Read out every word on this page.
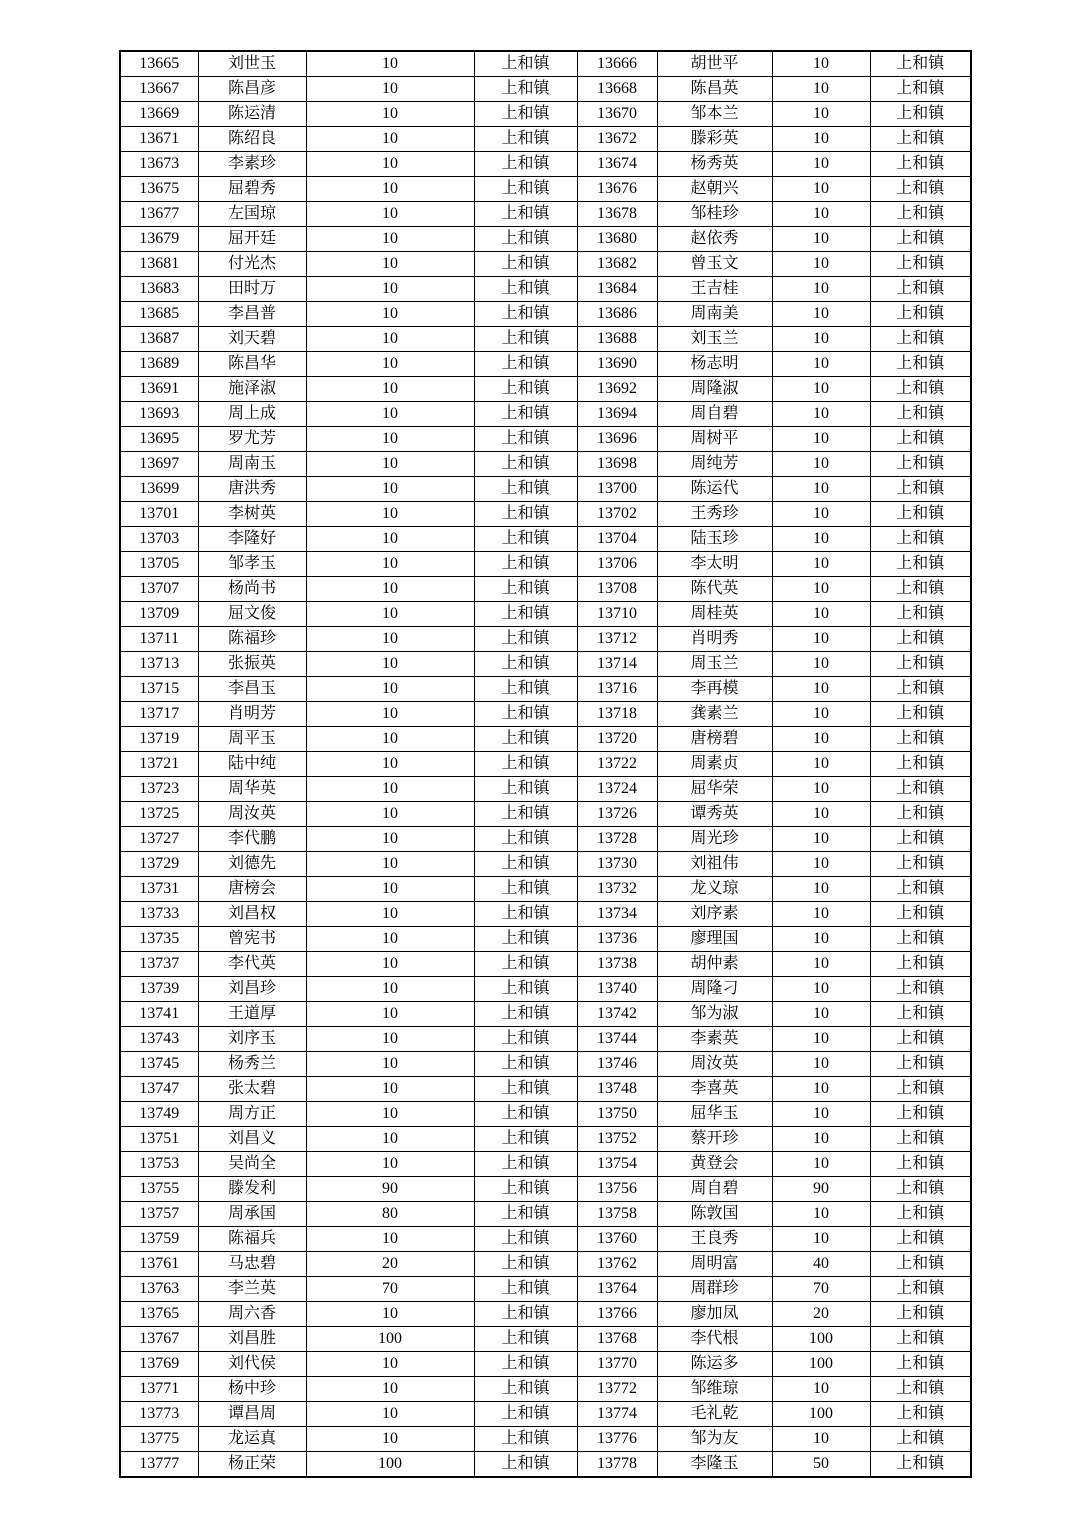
13665	刘世玉	10	上和镇	13666	胡世平	10	上和镇
13667	陈昌彦	10	上和镇	13668	陈昌英	10	上和镇
13669	陈运清	10	上和镇	13670	邹本兰	10	上和镇
13671	陈绍良	10	上和镇	13672	滕彩英	10	上和镇
13673	李素珍	10	上和镇	13674	杨秀英	10	上和镇
13675	屈碧秀	10	上和镇	13676	赵朝兴	10	上和镇
13677	左国琼	10	上和镇	13678	邹桂珍	10	上和镇
13679	屈开廷	10	上和镇	13680	赵依秀	10	上和镇
13681	付光杰	10	上和镇	13682	曾玉文	10	上和镇
13683	田时万	10	上和镇	13684	王吉桂	10	上和镇
13685	李昌普	10	上和镇	13686	周南美	10	上和镇
13687	刘天碧	10	上和镇	13688	刘玉兰	10	上和镇
13689	陈昌华	10	上和镇	13690	杨志明	10	上和镇
13691	施泽淑	10	上和镇	13692	周隆淑	10	上和镇
13693	周上成	10	上和镇	13694	周自碧	10	上和镇
13695	罗尤芳	10	上和镇	13696	周树平	10	上和镇
13697	周南玉	10	上和镇	13698	周纯芳	10	上和镇
13699	唐洪秀	10	上和镇	13700	陈运代	10	上和镇
13701	李树英	10	上和镇	13702	王秀珍	10	上和镇
13703	李隆好	10	上和镇	13704	陆玉珍	10	上和镇
13705	邹孝玉	10	上和镇	13706	李太明	10	上和镇
13707	杨尚书	10	上和镇	13708	陈代英	10	上和镇
13709	屈文俊	10	上和镇	13710	周桂英	10	上和镇
13711	陈福珍	10	上和镇	13712	肖明秀	10	上和镇
13713	张振英	10	上和镇	13714	周玉兰	10	上和镇
13715	李昌玉	10	上和镇	13716	李再模	10	上和镇
13717	肖明芳	10	上和镇	13718	龚素兰	10	上和镇
13719	周平玉	10	上和镇	13720	唐榜碧	10	上和镇
13721	陆中纯	10	上和镇	13722	周素贞	10	上和镇
13723	周华英	10	上和镇	13724	屈华荣	10	上和镇
13725	周汝英	10	上和镇	13726	谭秀英	10	上和镇
13727	李代鹏	10	上和镇	13728	周光珍	10	上和镇
13729	刘德先	10	上和镇	13730	刘祖伟	10	上和镇
13731	唐榜会	10	上和镇	13732	龙义琼	10	上和镇
13733	刘昌权	10	上和镇	13734	刘序素	10	上和镇
13735	曾宪书	10	上和镇	13736	廖理国	10	上和镇
13737	李代英	10	上和镇	13738	胡仲素	10	上和镇
13739	刘昌珍	10	上和镇	13740	周隆刁	10	上和镇
13741	王道厚	10	上和镇	13742	邹为淑	10	上和镇
13743	刘序玉	10	上和镇	13744	李素英	10	上和镇
13745	杨秀兰	10	上和镇	13746	周汝英	10	上和镇
13747	张太碧	10	上和镇	13748	李喜英	10	上和镇
13749	周方正	10	上和镇	13750	屈华玉	10	上和镇
13751	刘昌义	10	上和镇	13752	蔡开珍	10	上和镇
13753	吴尚全	10	上和镇	13754	黄登会	10	上和镇
13755	滕发利	90	上和镇	13756	周自碧	90	上和镇
13757	周承国	80	上和镇	13758	陈敦国	10	上和镇
13759	陈福兵	10	上和镇	13760	王良秀	10	上和镇
13761	马忠碧	20	上和镇	13762	周明富	40	上和镇
13763	李兰英	70	上和镇	13764	周群珍	70	上和镇
13765	周六香	10	上和镇	13766	廖加凤	20	上和镇
13767	刘昌胜	100	上和镇	13768	李代根	100	上和镇
13769	刘代侯	10	上和镇	13770	陈运多	100	上和镇
13771	杨中珍	10	上和镇	13772	邹维琼	10	上和镇
13773	谭昌周	10	上和镇	13774	毛礼乾	100	上和镇
13775	龙运真	10	上和镇	13776	邹为友	10	上和镇
13777	杨正荣	100	上和镇	13778	李隆玉	50	上和镇
